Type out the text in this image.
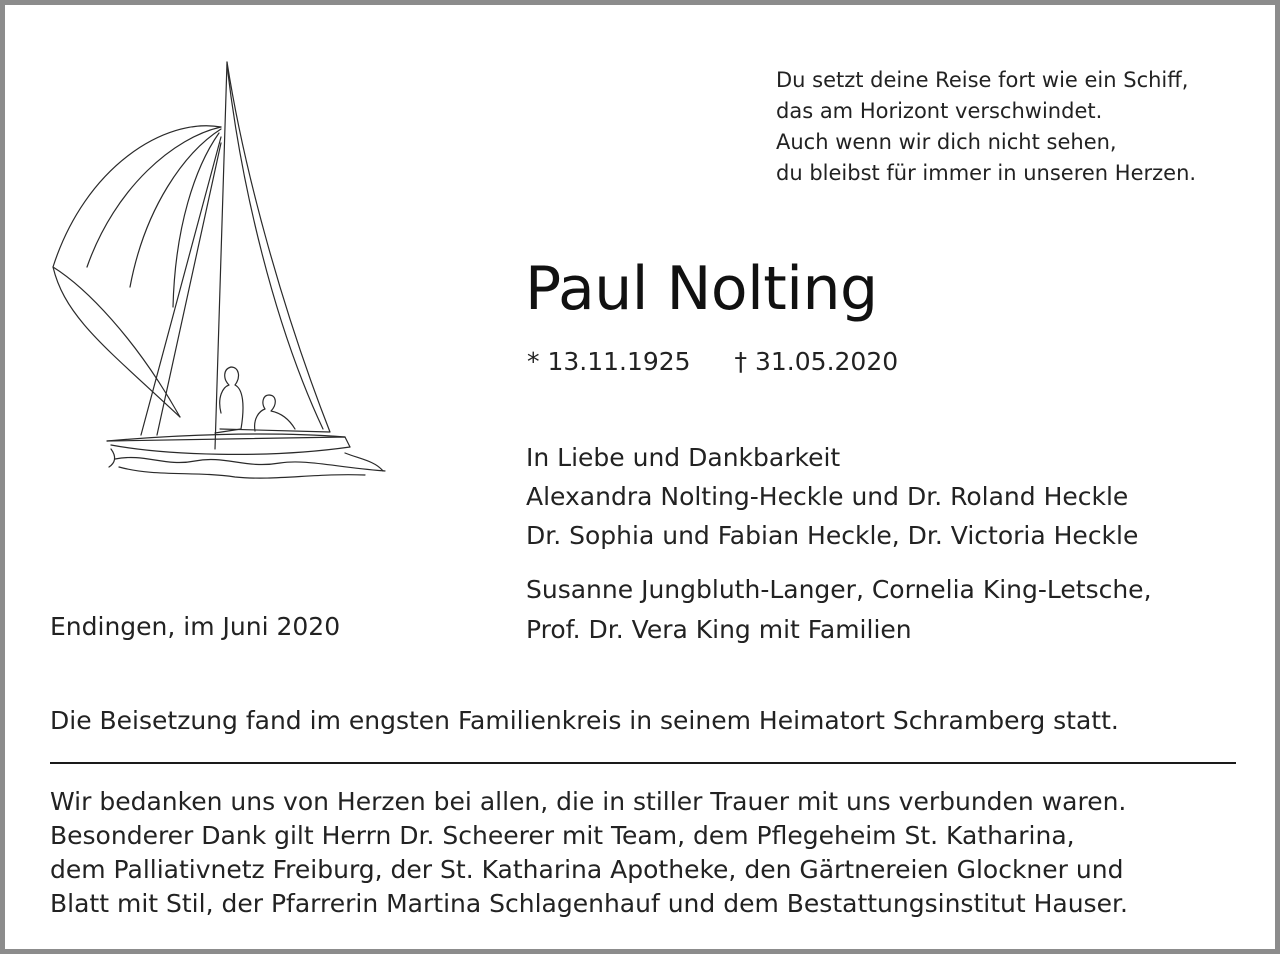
Du setzt deine Reise fort wie ein Schiff,
das am Horizont verschwindet.
Auch wenn wir dich nicht sehen,
du bleibst für immer in unseren Herzen.
Paul Nolting
* 13.11.1925 † 31.05.2020
In Liebe und Dankbarkeit
Alexandra Nolting-Heckle und Dr. Roland Heckle
Dr. Sophia und Fabian Heckle, Dr. Victoria Heckle
Susanne Jungbluth-Langer, Cornelia King-Letsche,
Prof. Dr. Vera King mit Familien
Endingen, im Juni 2020
Die Beisetzung fand im engsten Familienkreis in seinem Heimatort Schramberg statt.
Wir bedanken uns von Herzen bei allen, die in stiller Trauer mit uns verbunden waren.
Besonderer Dank gilt Herrn Dr. Scheerer mit Team, dem Pflegeheim St. Katharina,
dem Palliativnetz Freiburg, der St. Katharina Apotheke, den Gärtnereien Glockner und
Blatt mit Stil, der Pfarrerin Martina Schlagenhauf und dem Bestattungsinstitut Hauser.
